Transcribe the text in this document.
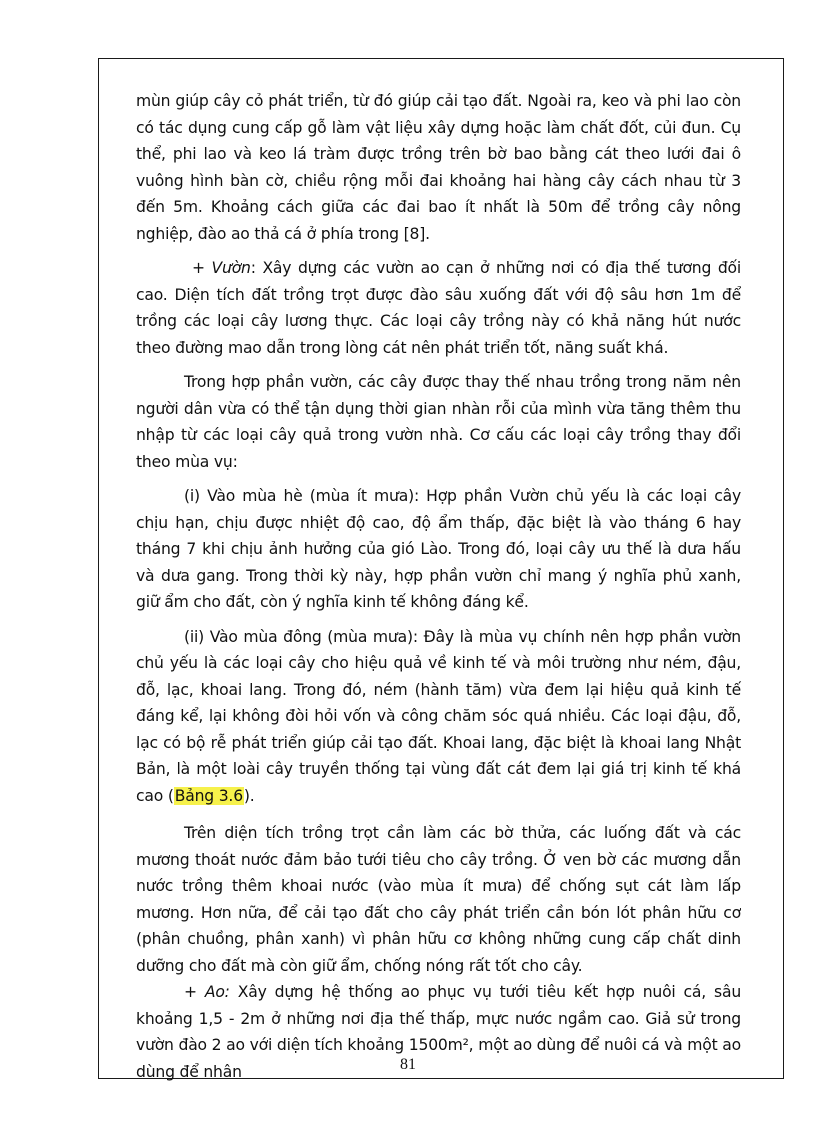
mùn giúp cây cỏ phát triển, từ đó giúp cải tạo đất. Ngoài ra, keo và phi lao còn có tác dụng cung cấp gỗ làm vật liệu xây dựng hoặc làm chất đốt, củi đun. Cụ thể, phi lao và keo lá tràm được trồng trên bờ bao bằng cát theo lưới đai ô vuông hình bàn cờ, chiều rộng mỗi đai khoảng hai hàng cây cách nhau từ 3 đến 5m. Khoảng cách giữa các đai bao ít nhất là 50m để trồng cây nông nghiệp, đào ao thả cá ở phía trong [8].

+ Vườn: Xây dựng các vườn ao cạn ở những nơi có địa thế tương đối cao. Diện tích đất trồng trọt được đào sâu xuống đất với độ sâu hơn 1m để trồng các loại cây lương thực. Các loại cây trồng này có khả năng hút nước theo đường mao dẫn trong lòng cát nên phát triển tốt, năng suất khá.

Trong hợp phần vườn, các cây được thay thế nhau trồng trong năm nên người dân vừa có thể tận dụng thời gian nhàn rỗi của mình vừa tăng thêm thu nhập từ các loại cây quả trong vườn nhà. Cơ cấu các loại cây trồng thay đổi theo mùa vụ:

(i) Vào mùa hè (mùa ít mưa): Hợp phần Vườn chủ yếu là các loại cây chịu hạn, chịu được nhiệt độ cao, độ ẩm thấp, đặc biệt là vào tháng 6 hay tháng 7 khi chịu ảnh hưởng của gió Lào. Trong đó, loại cây ưu thế là dưa hấu và dưa gang. Trong thời kỳ này, hợp phần vườn chỉ mang ý nghĩa phủ xanh, giữ ẩm cho đất, còn ý nghĩa kinh tế không đáng kể.

(ii) Vào mùa đông (mùa mưa): Đây là mùa vụ chính nên hợp phần vườn chủ yếu là các loại cây cho hiệu quả về kinh tế và môi trường như ném, đậu, đỗ, lạc, khoai lang. Trong đó, ném (hành tăm) vừa đem lại hiệu quả kinh tế đáng kể, lại không đòi hỏi vốn và công chăm sóc quá nhiều. Các loại đậu, đỗ, lạc có bộ rễ phát triển giúp cải tạo đất. Khoai lang, đặc biệt là khoai lang Nhật Bản, là một loài cây truyền thống tại vùng đất cát đem lại giá trị kinh tế khá cao (Bảng 3.6).

Trên diện tích trồng trọt cần làm các bờ thửa, các luống đất và các mương thoát nước đảm bảo tưới tiêu cho cây trồng. Ở ven bờ các mương dẫn nước trồng thêm khoai nước (vào mùa ít mưa) để chống sụt cát làm lấp mương. Hơn nữa, để cải tạo đất cho cây phát triển cần bón lót phân hữu cơ (phân chuồng, phân xanh) vì phân hữu cơ không những cung cấp chất dinh dưỡng cho đất mà còn giữ ẩm, chống nóng rất tốt cho cây.

+ Ao: Xây dựng hệ thống ao phục vụ tưới tiêu kết hợp nuôi cá, sâu khoảng 1,5 - 2m ở những nơi địa thế thấp, mực nước ngầm cao. Giả sử trong vườn đào 2 ao với diện tích khoảng 1500m², một ao dùng để nuôi cá và một ao dùng để nhân	81
